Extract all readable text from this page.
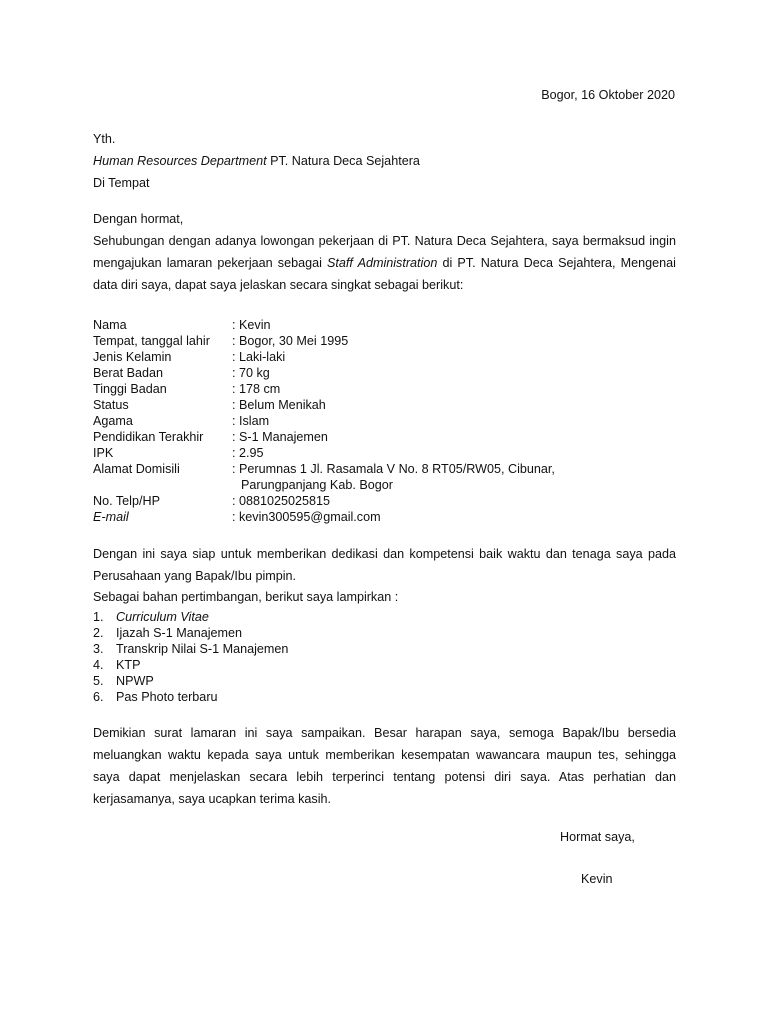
Bogor, 16 Oktober 2020
Yth.
Human Resources Department PT. Natura Deca Sejahtera
Di Tempat
Dengan hormat,
Sehubungan dengan adanya lowongan pekerjaan di PT. Natura Deca Sejahtera, saya bermaksud ingin mengajukan lamaran pekerjaan sebagai Staff Administration di PT. Natura Deca Sejahtera, Mengenai data diri saya, dapat saya jelaskan secara singkat sebagai berikut:
Nama	: Kevin
Tempat, tanggal lahir	: Bogor, 30 Mei 1995
Jenis Kelamin	: Laki-laki
Berat Badan	: 70 kg
Tinggi Badan	: 178 cm
Status	: Belum Menikah
Agama	: Islam
Pendidikan Terakhir	: S-1 Manajemen
IPK	: 2.95
Alamat Domisili	: Perumnas 1 Jl. Rasamala V No. 8 RT05/RW05, Cibunar,
Parungpanjang Kab. Bogor

No. Telp/HP	: 0881025025815
E-mail	: kevin300595@gmail.com
Dengan ini saya siap untuk memberikan dedikasi dan kompetensi baik waktu dan tenaga saya pada Perusahaan yang Bapak/Ibu pimpin.
Sebagai bahan pertimbangan, berikut saya lampirkan :
1. Curriculum Vitae
2. Ijazah S-1 Manajemen
3. Transkrip Nilai S-1 Manajemen
4. KTP
5. NPWP
6. Pas Photo terbaru
Demikian surat lamaran ini saya sampaikan. Besar harapan saya, semoga Bapak/Ibu bersedia meluangkan waktu kepada saya untuk memberikan kesempatan wawancara maupun tes, sehingga saya dapat menjelaskan secara lebih terperinci tentang potensi diri saya. Atas perhatian dan kerjasamanya, saya ucapkan terima kasih.
Hormat saya,
Kevin
